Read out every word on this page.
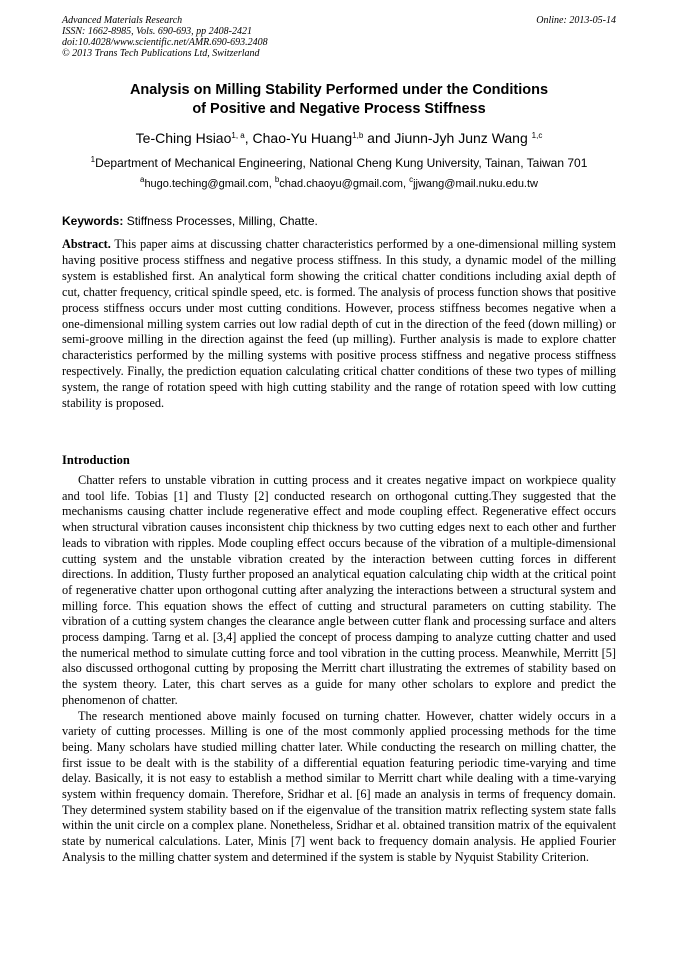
Advanced Materials Research
ISSN: 1662-8985, Vols. 690-693, pp 2408-2421
doi:10.4028/www.scientific.net/AMR.690-693.2408
© 2013 Trans Tech Publications Ltd, Switzerland
Online: 2013-05-14
Analysis on Milling Stability Performed under the Conditions
of Positive and Negative Process Stiffness
Te-Ching Hsiao$^{1, a}$, Chao-Yu Huang$^{1,b}$ and Jiunn-Jyh Junz Wang $^{1,c}$
$^1$Department of Mechanical Engineering, National Cheng Kung University, Tainan, Taiwan 701
$^a$hugo.teching@gmail.com, $^b$chad.chaoyu@gmail.com, $^c$jjwang@mail.nuku.edu.tw
Keywords: Stiffness Processes, Milling, Chatte.
Abstract. This paper aims at discussing chatter characteristics performed by a one-dimensional milling system having positive process stiffness and negative process stiffness. In this study, a dynamic model of the milling system is established first. An analytical form showing the critical chatter conditions including axial depth of cut, chatter frequency, critical spindle speed, etc. is formed. The analysis of process function shows that positive process stiffness occurs under most cutting conditions. However, process stiffness becomes negative when a one-dimensional milling system carries out low radial depth of cut in the direction of the feed (down milling) or semi-groove milling in the direction against the feed (up milling). Further analysis is made to explore chatter characteristics performed by the milling systems with positive process stiffness and negative process stiffness respectively. Finally, the prediction equation calculating critical chatter conditions of these two types of milling system, the range of rotation speed with high cutting stability and the range of rotation speed with low cutting stability is proposed.
Introduction

Chatter refers to unstable vibration in cutting process and it creates negative impact on workpiece quality and tool life. Tobias [1] and Tlusty [2] conducted research on orthogonal cutting.They suggested that the mechanisms causing chatter include regenerative effect and mode coupling effect. Regenerative effect occurs when structural vibration causes inconsistent chip thickness by two cutting edges next to each other and further leads to vibration with ripples. Mode coupling effect occurs because of the vibration of a multiple-dimensional cutting system and the unstable vibration created by the interaction between cutting forces in different directions. In addition, Tlusty further proposed an analytical equation calculating chip width at the critical point of regenerative chatter upon orthogonal cutting after analyzing the interactions between a structural system and milling force. This equation shows the effect of cutting and structural parameters on cutting stability. The vibration of a cutting system changes the clearance angle between cutter flank and processing surface and alters process damping. Tarng et al. [3,4] applied the concept of process damping to analyze cutting chatter and used the numerical method to simulate cutting force and tool vibration in the cutting process. Meanwhile, Merritt [5] also discussed orthogonal cutting by proposing the Merritt chart illustrating the extremes of stability based on the system theory. Later, this chart serves as a guide for many other scholars to explore and predict the phenomenon of chatter.

The research mentioned above mainly focused on turning chatter. However, chatter widely occurs in a variety of cutting processes. Milling is one of the most commonly applied processing methods for the time being. Many scholars have studied milling chatter later. While conducting the research on milling chatter, the first issue to be dealt with is the stability of a differential equation featuring periodic time-varying and time delay. Basically, it is not easy to establish a method similar to Merritt chart while dealing with a time-varying system within frequency domain. Therefore, Sridhar et al. [6] made an analysis in terms of frequency domain. They determined system stability based on if the eigenvalue of the transition matrix reflecting system state falls within the unit circle on a complex plane. Nonetheless, Sridhar et al. obtained transition matrix of the equivalent state by numerical calculations. Later, Minis [7] went back to frequency domain analysis. He applied Fourier Analysis to the milling chatter system and determined if the system is stable by Nyquist Stability Criterion.
